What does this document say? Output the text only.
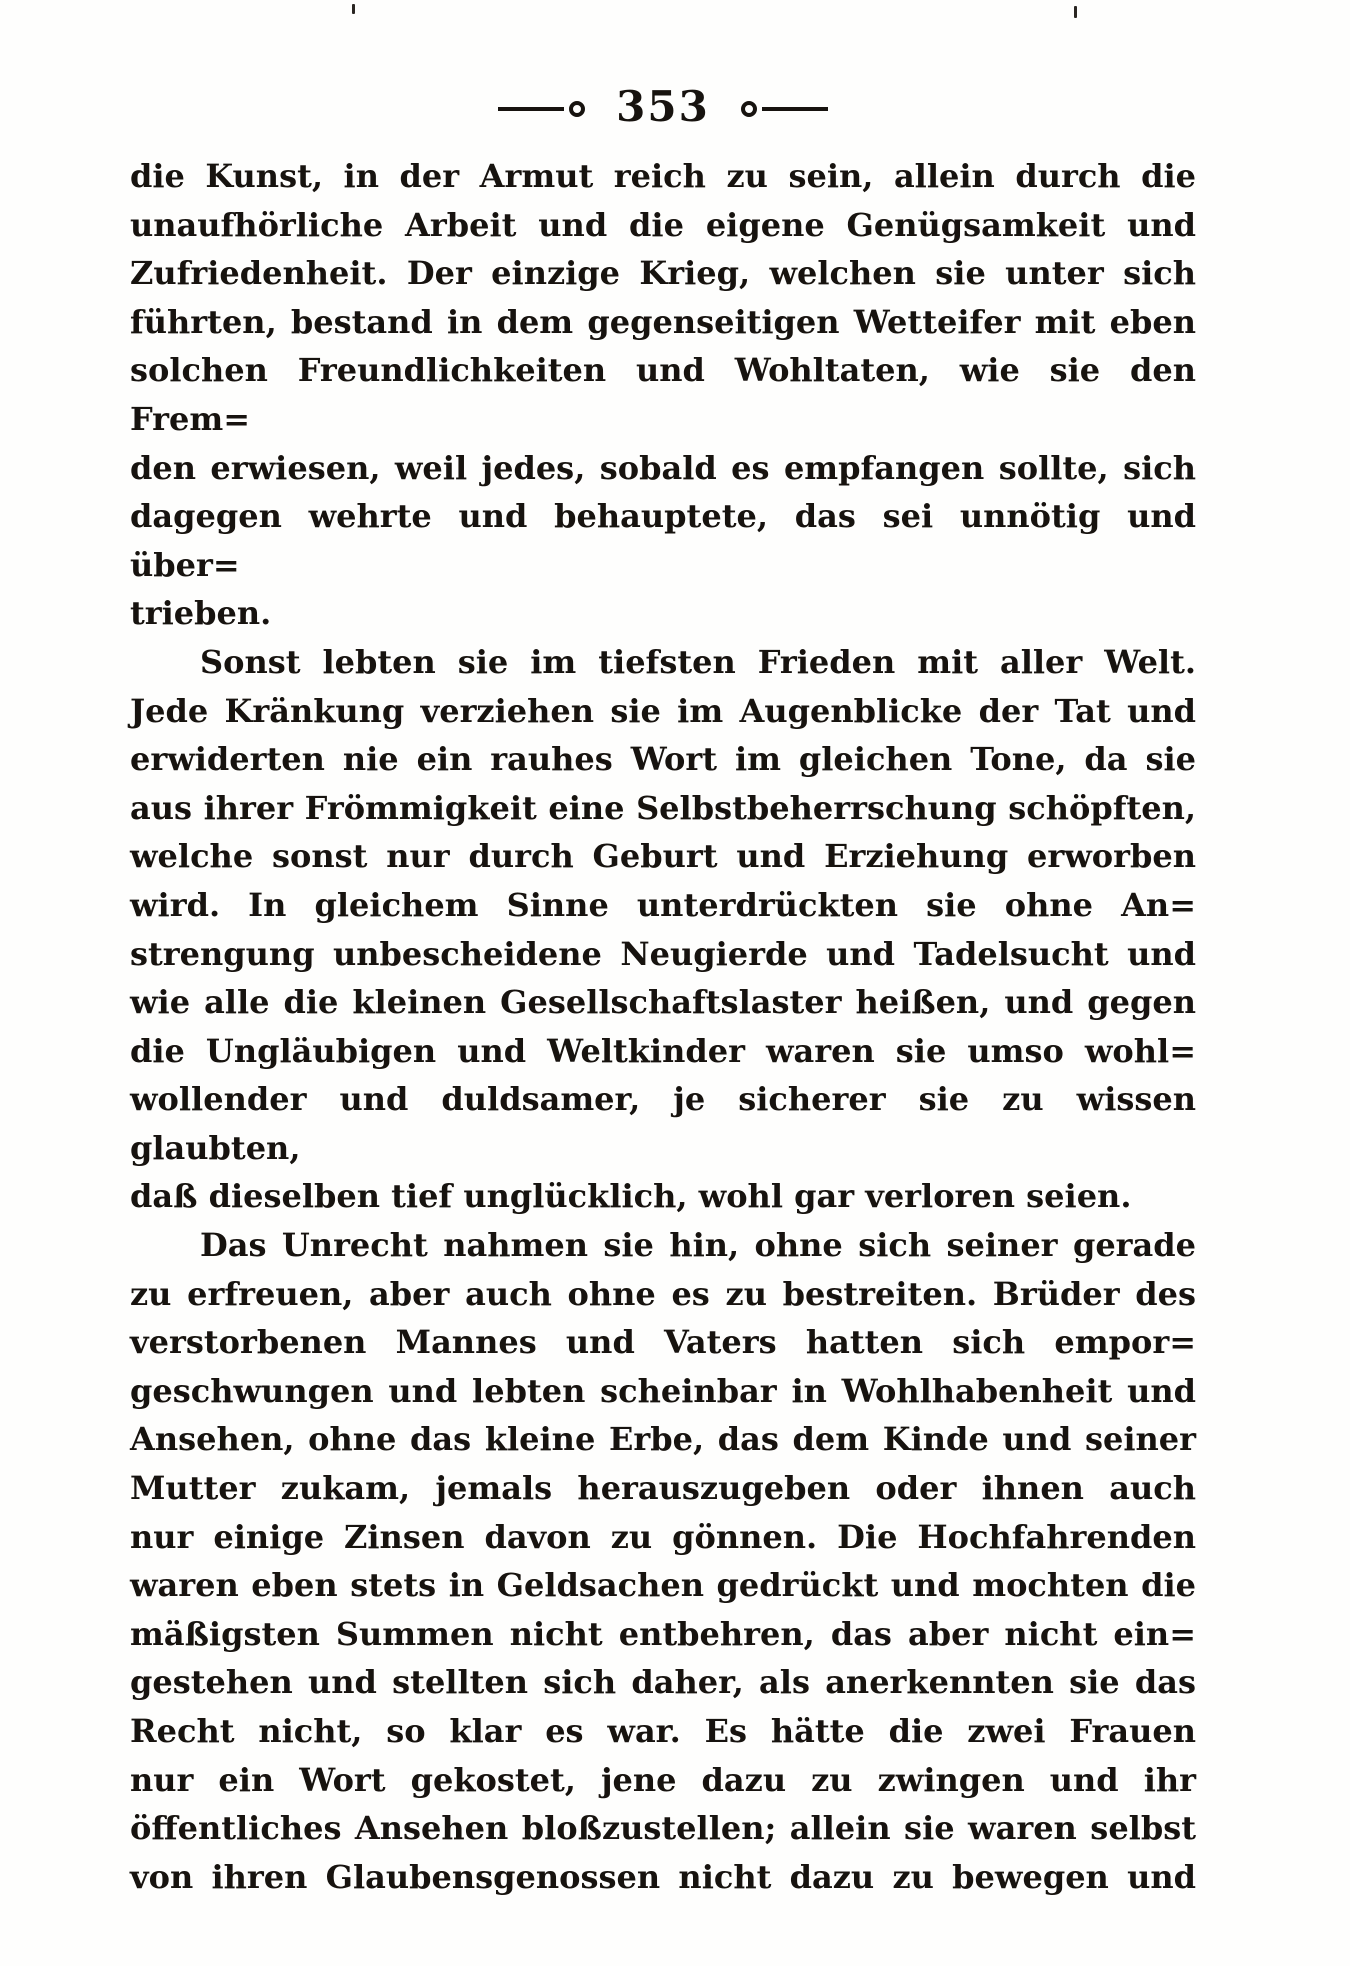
353
die Kunst, in der Armut reich zu sein, allein durch die
unaufhörliche Arbeit und die eigene Genügsamkeit und
Zufriedenheit. Der einzige Krieg, welchen sie unter sich
führten, bestand in dem gegenseitigen Wetteifer mit eben
solchen Freundlichkeiten und Wohltaten, wie sie den Frem=
den erwiesen, weil jedes, sobald es empfangen sollte, sich
dagegen wehrte und behauptete, das sei unnötig und über=
trieben.
Sonst lebten sie im tiefsten Frieden mit aller Welt.
Jede Kränkung verziehen sie im Augenblicke der Tat und
erwiderten nie ein rauhes Wort im gleichen Tone, da sie
aus ihrer Frömmigkeit eine Selbstbeherrschung schöpften,
welche sonst nur durch Geburt und Erziehung erworben
wird. In gleichem Sinne unterdrückten sie ohne An=
strengung unbescheidene Neugierde und Tadelsucht und
wie alle die kleinen Gesellschaftslaster heißen, und gegen
die Ungläubigen und Weltkinder waren sie umso wohl=
wollender und duldsamer, je sicherer sie zu wissen glaubten,
daß dieselben tief unglücklich, wohl gar verloren seien.
Das Unrecht nahmen sie hin, ohne sich seiner gerade
zu erfreuen, aber auch ohne es zu bestreiten. Brüder des
verstorbenen Mannes und Vaters hatten sich empor=
geschwungen und lebten scheinbar in Wohlhabenheit und
Ansehen, ohne das kleine Erbe, das dem Kinde und seiner
Mutter zukam, jemals herauszugeben oder ihnen auch
nur einige Zinsen davon zu gönnen. Die Hochfahrenden
waren eben stets in Geldsachen gedrückt und mochten die
mäßigsten Summen nicht entbehren, das aber nicht ein=
gestehen und stellten sich daher, als anerkennten sie das
Recht nicht, so klar es war. Es hätte die zwei Frauen
nur ein Wort gekostet, jene dazu zu zwingen und ihr
öffentliches Ansehen bloßzustellen; allein sie waren selbst
von ihren Glaubensgenossen nicht dazu zu bewegen und
